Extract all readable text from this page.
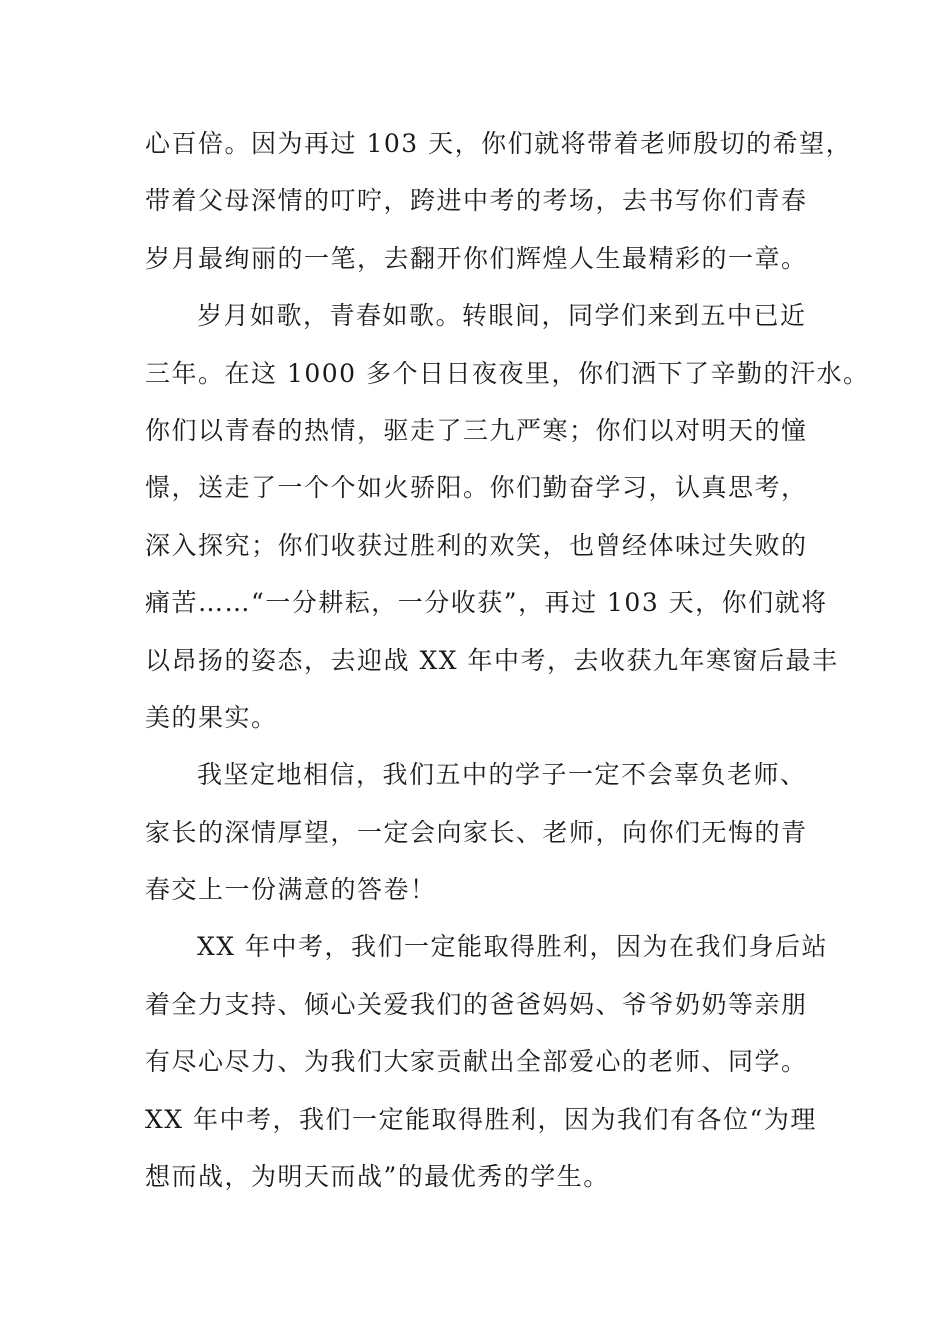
心百倍。因为再过 103 天，你们就将带着老师殷切的希望，
带着父母深情的叮咛，跨进中考的考场，去书写你们青春
岁月最绚丽的一笔，去翻开你们辉煌人生最精彩的一章。

岁月如歌，青春如歌。转眼间，同学们来到五中已近
三年。在这 1000 多个日日夜夜里，你们洒下了辛勤的汗水。
你们以青春的热情，驱走了三九严寒；你们以对明天的憧
憬，送走了一个个如火骄阳。你们勤奋学习，认真思考，
深入探究；你们收获过胜利的欢笑，也曾经体味过失败的
痛苦……“一分耕耘，一分收获”，再过 103 天，你们就将
以昂扬的姿态，去迎战 XX 年中考，去收获九年寒窗后最丰
美的果实。

我坚定地相信，我们五中的学子一定不会辜负老师、
家长的深情厚望，一定会向家长、老师，向你们无悔的青
春交上一份满意的答卷！

XX 年中考，我们一定能取得胜利，因为在我们身后站
着全力支持、倾心关爱我们的爸爸妈妈、爷爷奶奶等亲朋
有尽心尽力、为我们大家贡献出全部爱心的老师、同学。
XX 年中考，我们一定能取得胜利，因为我们有各位“为理
想而战，为明天而战”的最优秀的学生。
